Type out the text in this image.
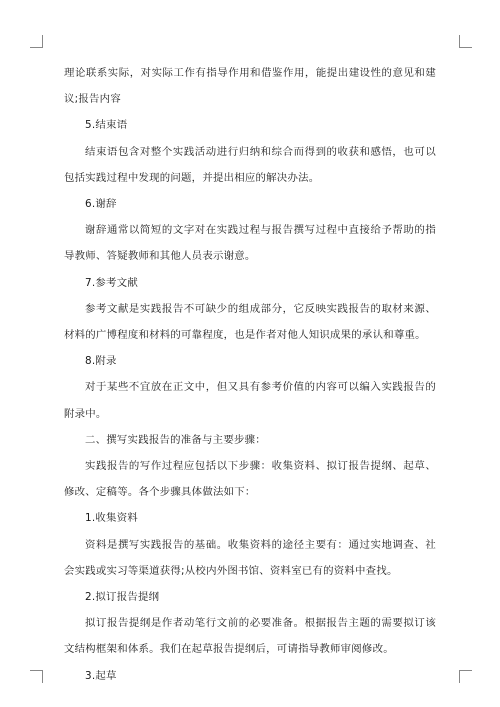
理论联系实际，对实际工作有指导作用和借鉴作用，能提出建设性的意见和建议;报告内容

5.结束语

结束语包含对整个实践活动进行归纳和综合而得到的收获和感悟，也可以包括实践过程中发现的问题，并提出相应的解决办法。

6.谢辞

谢辞通常以简短的文字对在实践过程与报告撰写过程中直接给予帮助的指导教师、答疑教师和其他人员表示谢意。

7.参考文献

参考文献是实践报告不可缺少的组成部分，它反映实践报告的取材来源、材料的广博程度和材料的可靠程度，也是作者对他人知识成果的承认和尊重。

8.附录

对于某些不宜放在正文中，但又具有参考价值的内容可以编入实践报告的附录中。

二、撰写实践报告的准备与主要步骤：

实践报告的写作过程应包括以下步骤：收集资料、拟订报告提纲、起草、修改、定稿等。各个步骤具体做法如下：

1.收集资料

资料是撰写实践报告的基础。收集资料的途径主要有：通过实地调查、社会实践或实习等渠道获得;从校内外图书馆、资料室已有的资料中查找。

2.拟订报告提纲

拟订报告提纲是作者动笔行文前的必要准备。根据报告主题的需要拟订该文结构框架和体系。我们在起草报告提纲后，可请指导教师审阅修改。

3.起草
